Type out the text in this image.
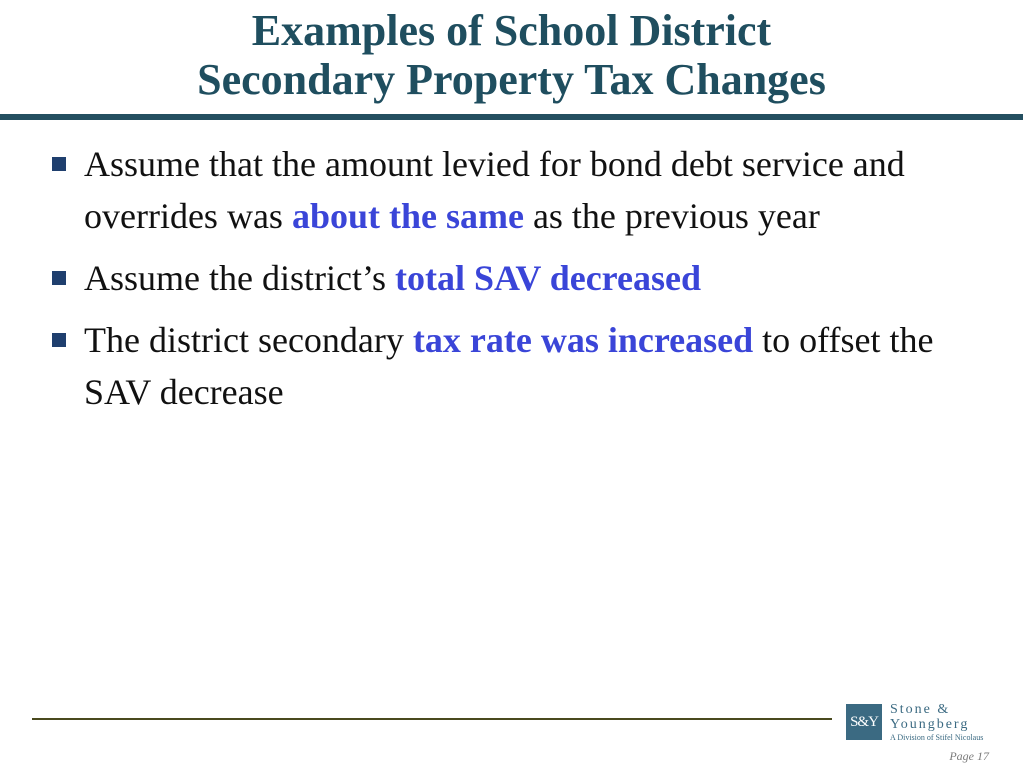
Examples of School District
Secondary Property Tax Changes
Assume that the amount levied for bond debt service and overrides was about the same as the previous year
Assume the district’s total SAV decreased
The district secondary tax rate was increased to offset the SAV decrease
S&Y
Stone &
Youngberg
A Division of Stifel Nicolaus
Page 17
